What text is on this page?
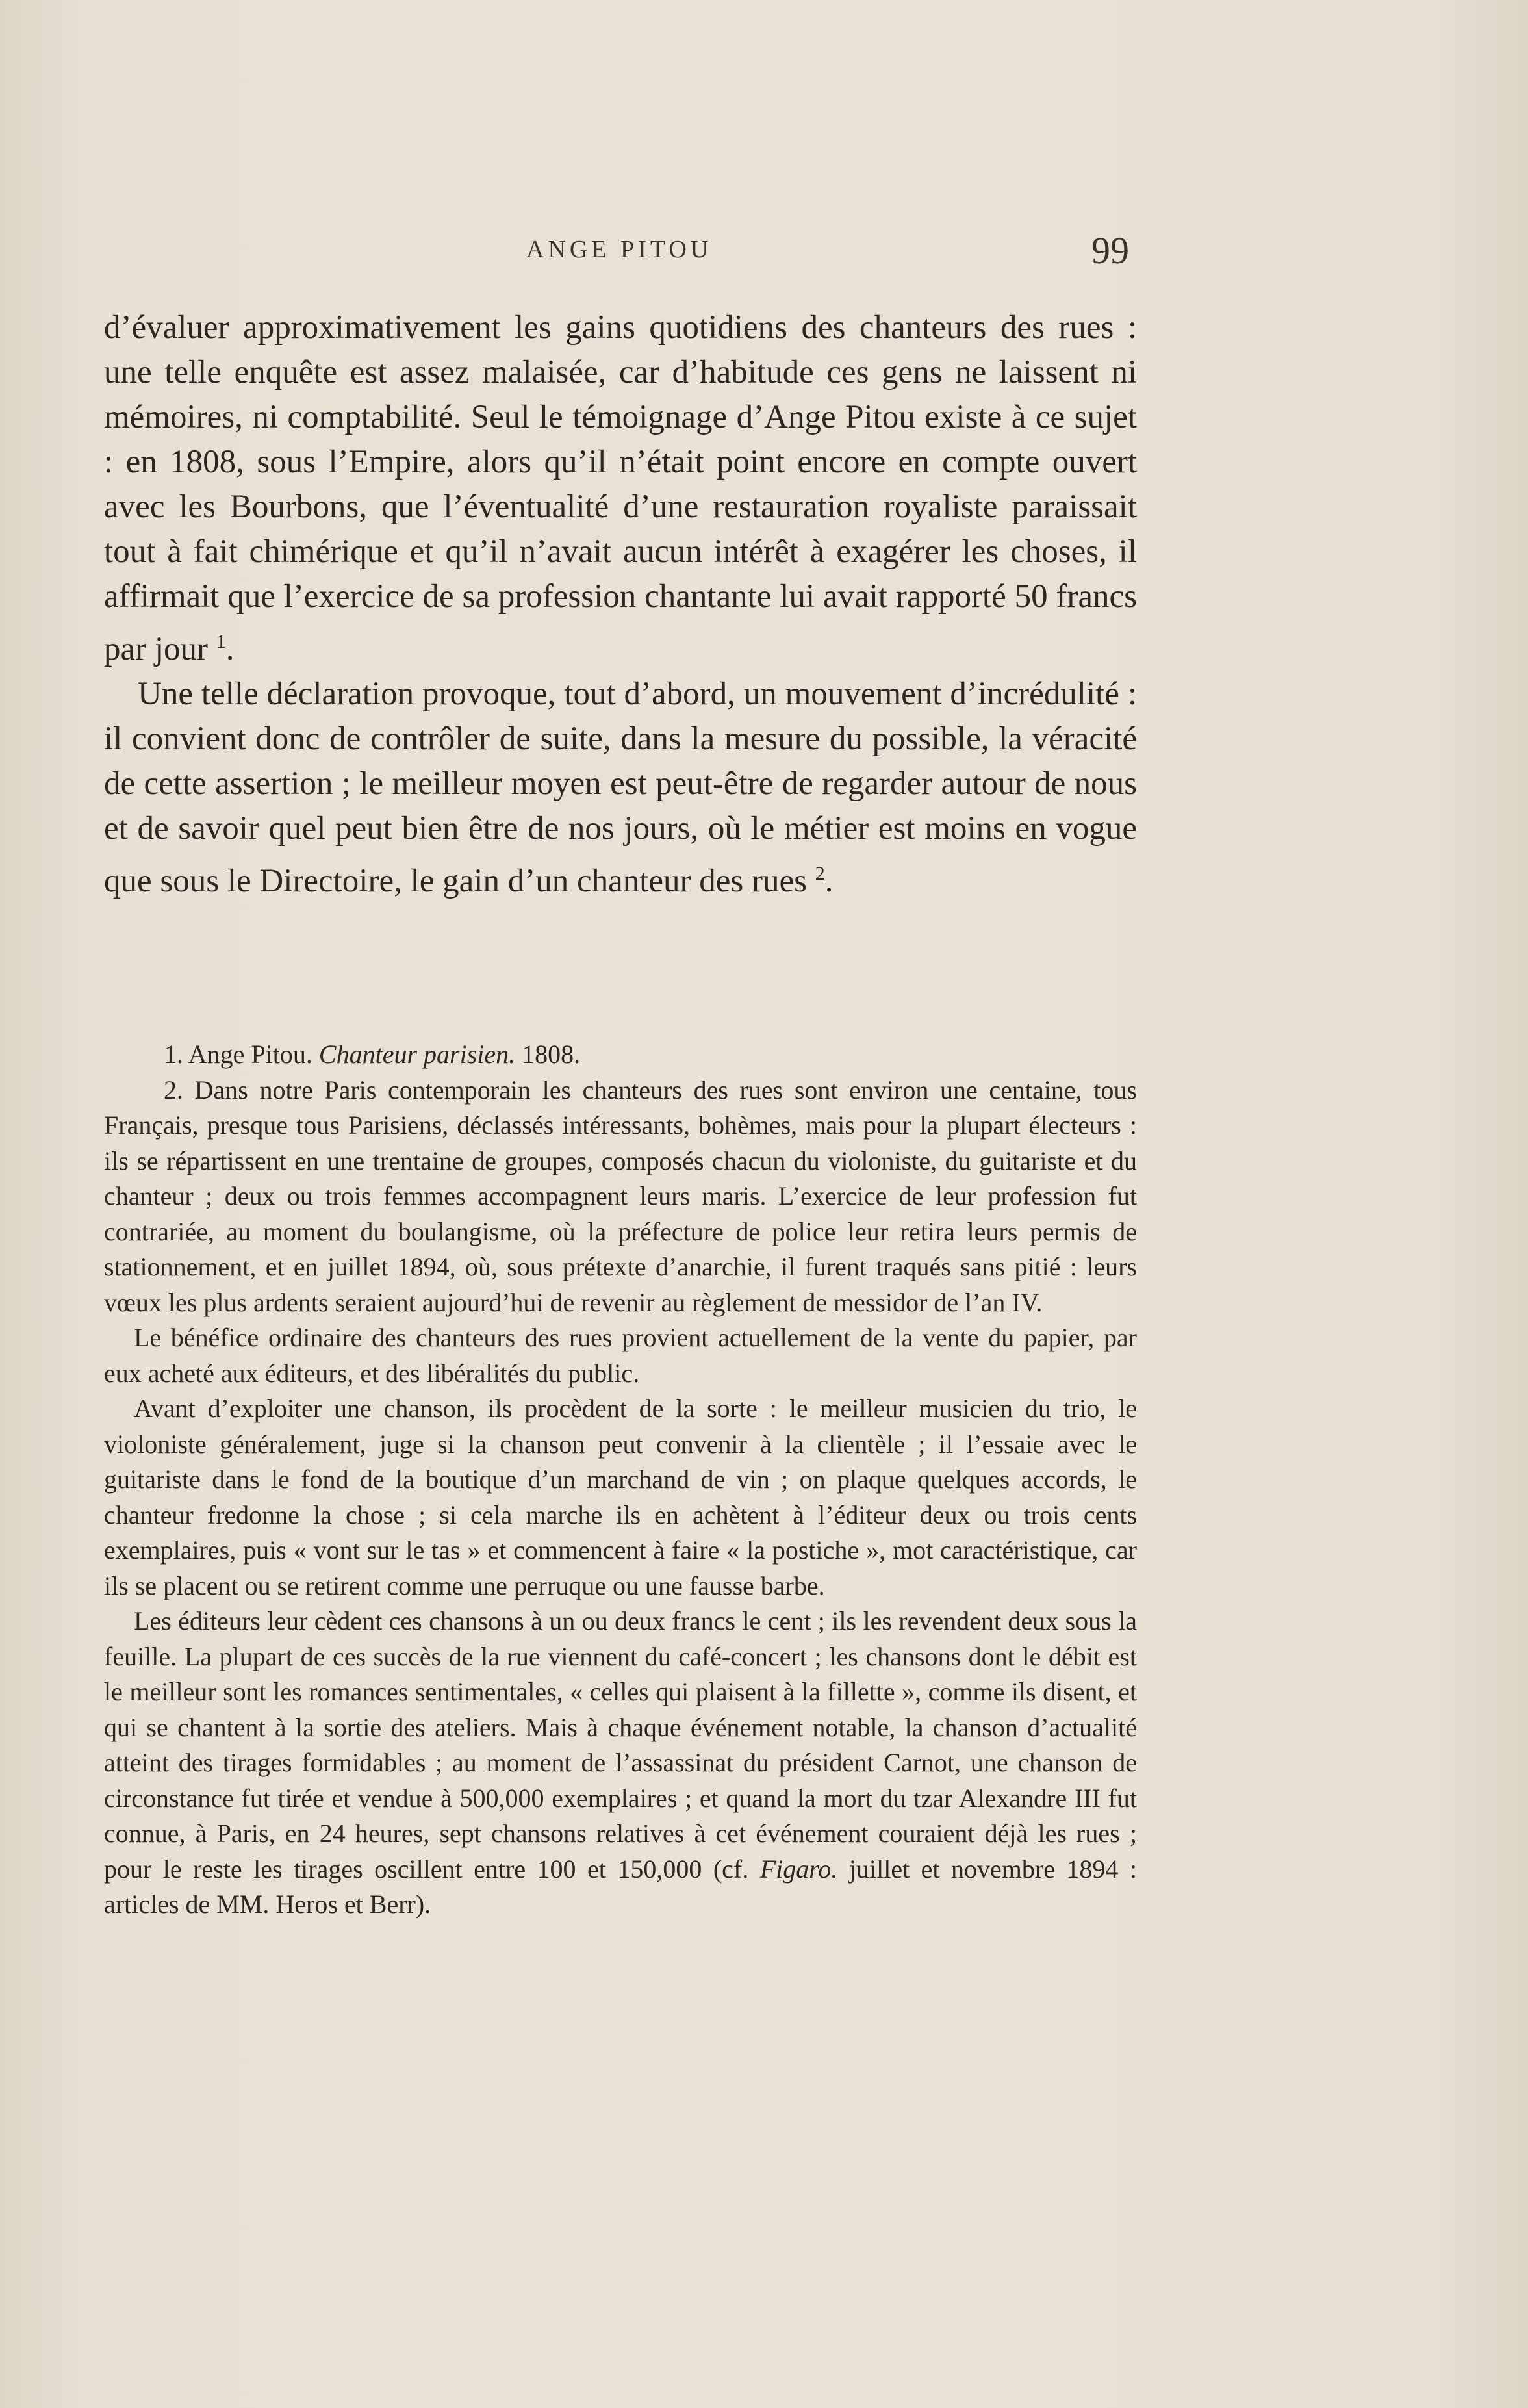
ANGE PITOU	99

d’évaluer approximativement les gains quotidiens des chanteurs des rues : une telle enquête est assez malaisée, car d’habitude ces gens ne laissent ni mémoires, ni comptabilité. Seul le témoignage d’Ange Pitou existe à ce sujet : en 1808, sous l’Empire, alors qu’il n’était point encore en compte ouvert avec les Bourbons, que l’éventualité d’une restauration royaliste paraissait tout à fait chimérique et qu’il n’avait aucun intérêt à exagérer les choses, il affirmait que l’exercice de sa profession chantante lui avait rapporté 50 francs par jour $^1$.

Une telle déclaration provoque, tout d’abord, un mouvement d’incrédulité : il convient donc de contrôler de suite, dans la mesure du possible, la véracité de cette assertion ; le meilleur moyen est peut-être de regarder autour de nous et de savoir quel peut bien être de nos jours, où le métier est moins en vogue que sous le Directoire, le gain d’un chanteur des rues $^2$.

1. Ange Pitou. Chanteur parisien. 1808.

2. Dans notre Paris contemporain les chanteurs des rues sont environ une centaine, tous Français, presque tous Parisiens, déclassés intéressants, bohèmes, mais pour la plupart électeurs : ils se répartissent en une trentaine de groupes, composés chacun du violoniste, du guitariste et du chanteur ; deux ou trois femmes accompagnent leurs maris. L’exercice de leur profession fut contrariée, au moment du boulangisme, où la préfecture de police leur retira leurs permis de stationnement, et en juillet 1894, où, sous prétexte d’anarchie, il furent traqués sans pitié : leurs vœux les plus ardents seraient aujourd’hui de revenir au règlement de messidor de l’an IV.

Le bénéfice ordinaire des chanteurs des rues provient actuellement de la vente du papier, par eux acheté aux éditeurs, et des libéralités du public.

Avant d’exploiter une chanson, ils procèdent de la sorte : le meilleur musicien du trio, le violoniste généralement, juge si la chanson peut convenir à la clientèle ; il l’essaie avec le guitariste dans le fond de la boutique d’un marchand de vin ; on plaque quelques accords, le chanteur fredonne la chose ; si cela marche ils en achètent à l’éditeur deux ou trois cents exemplaires, puis « vont sur le tas » et commencent à faire « la postiche », mot caractéristique, car ils se placent ou se retirent comme une perruque ou une fausse barbe.

Les éditeurs leur cèdent ces chansons à un ou deux francs le cent ; ils les revendent deux sous la feuille. La plupart de ces succès de la rue viennent du café-concert ; les chansons dont le débit est le meilleur sont les romances sentimentales, « celles qui plaisent à la fillette », comme ils disent, et qui se chantent à la sortie des ateliers. Mais à chaque événement notable, la chanson d’actualité atteint des tirages formidables ; au moment de l’assassinat du président Carnot, une chanson de circonstance fut tirée et vendue à 500,000 exemplaires ; et quand la mort du tzar Alexandre III fut connue, à Paris, en 24 heures, sept chansons relatives à cet événement couraient déjà les rues ; pour le reste les tirages oscillent entre 100 et 150,000 (cf. Figaro. juillet et novembre 1894 : articles de MM. Heros et Berr).
